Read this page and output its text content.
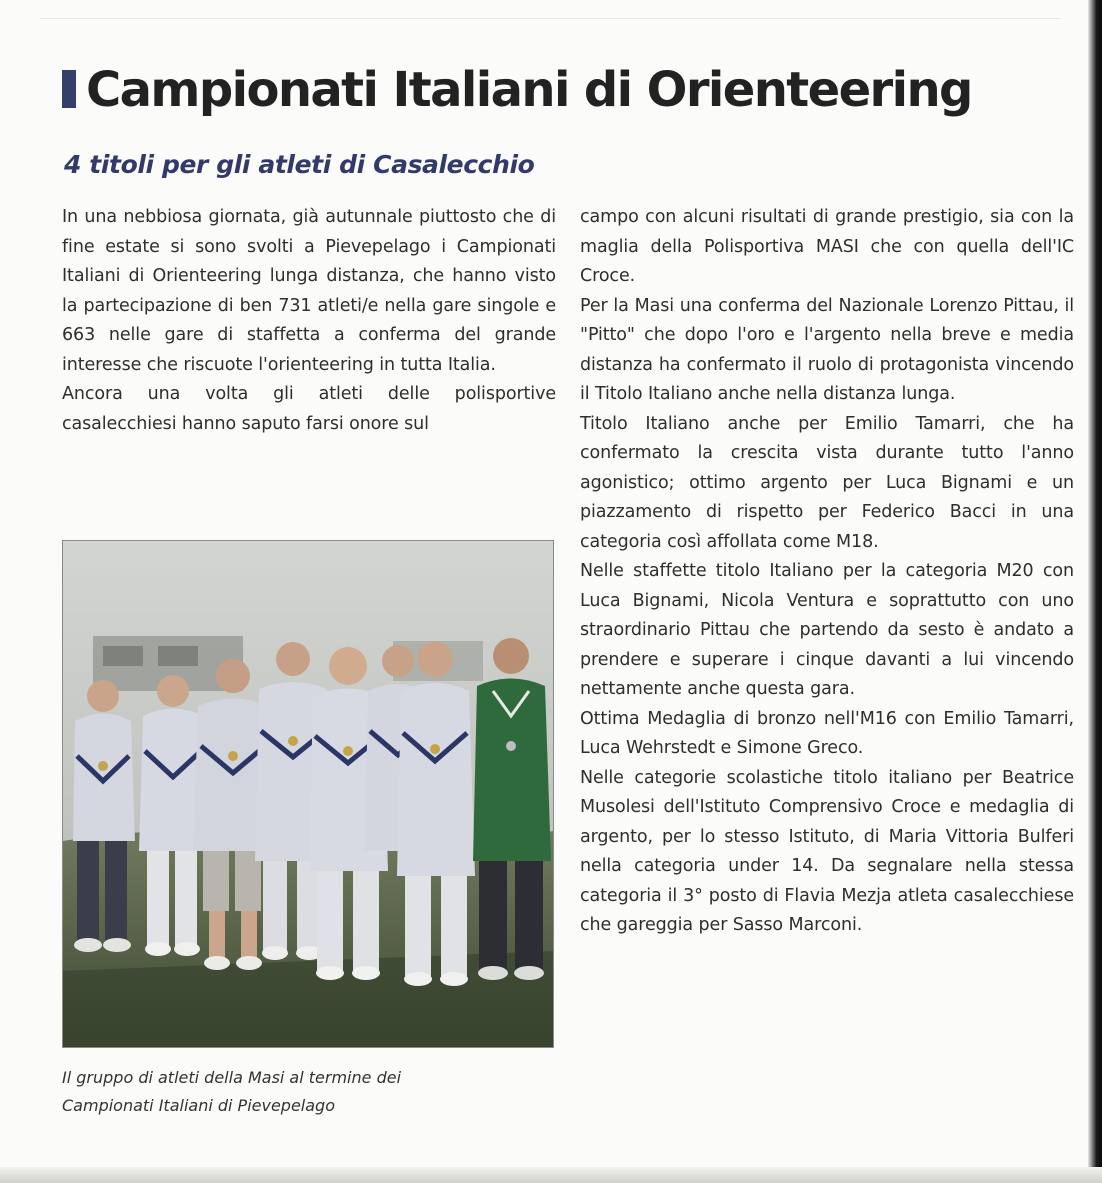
Campionati Italiani di Orienteering
4 titoli per gli atleti di Casalecchio

In una nebbiosa giornata, già autunnale piuttosto che di fine estate si sono svolti a Pievepelago i Campionati Italiani di Orienteering lunga distanza, che hanno visto la partecipazione di ben 731 atleti/e nella gare singole e 663 nelle gare di staffetta a conferma del grande interesse che riscuote l'orienteering in tutta Italia.

Ancora una volta gli atleti delle polisportive casalecchiesi hanno saputo farsi onore sul

Il gruppo di atleti della Masi al termine dei
Campionati Italiani di Pievepelago

campo con alcuni risultati di grande prestigio, sia con la maglia della Polisportiva MASI che con quella dell'IC Croce.

Per la Masi una conferma del Nazionale Lorenzo Pittau, il "Pitto" che dopo l'oro e l'argento nella breve e media distanza ha confermato il ruolo di protagonista vincendo il Titolo Italiano anche nella distanza lunga.

Titolo Italiano anche per Emilio Tamarri, che ha confermato la crescita vista durante tutto l'anno agonistico; ottimo argento per Luca Bignami e un piazzamento di rispetto per Federico Bacci in una categoria così affollata come M18.

Nelle staffette titolo Italiano per la categoria M20 con Luca Bignami, Nicola Ventura e soprattutto con uno straordinario Pittau che partendo da sesto è andato a prendere e superare i cinque davanti a lui vincendo nettamente anche questa gara.

Ottima Medaglia di bronzo nell'M16 con Emilio Tamarri, Luca Wehrstedt e Simone Greco.

Nelle categorie scolastiche titolo italiano per Beatrice Musolesi dell'Istituto Comprensivo Croce e medaglia di argento, per lo stesso Istituto, di Maria Vittoria Bulferi nella categoria under 14. Da segnalare nella stessa categoria il 3° posto di Flavia Mezja atleta casalecchiese che gareggia per Sasso Marconi.
